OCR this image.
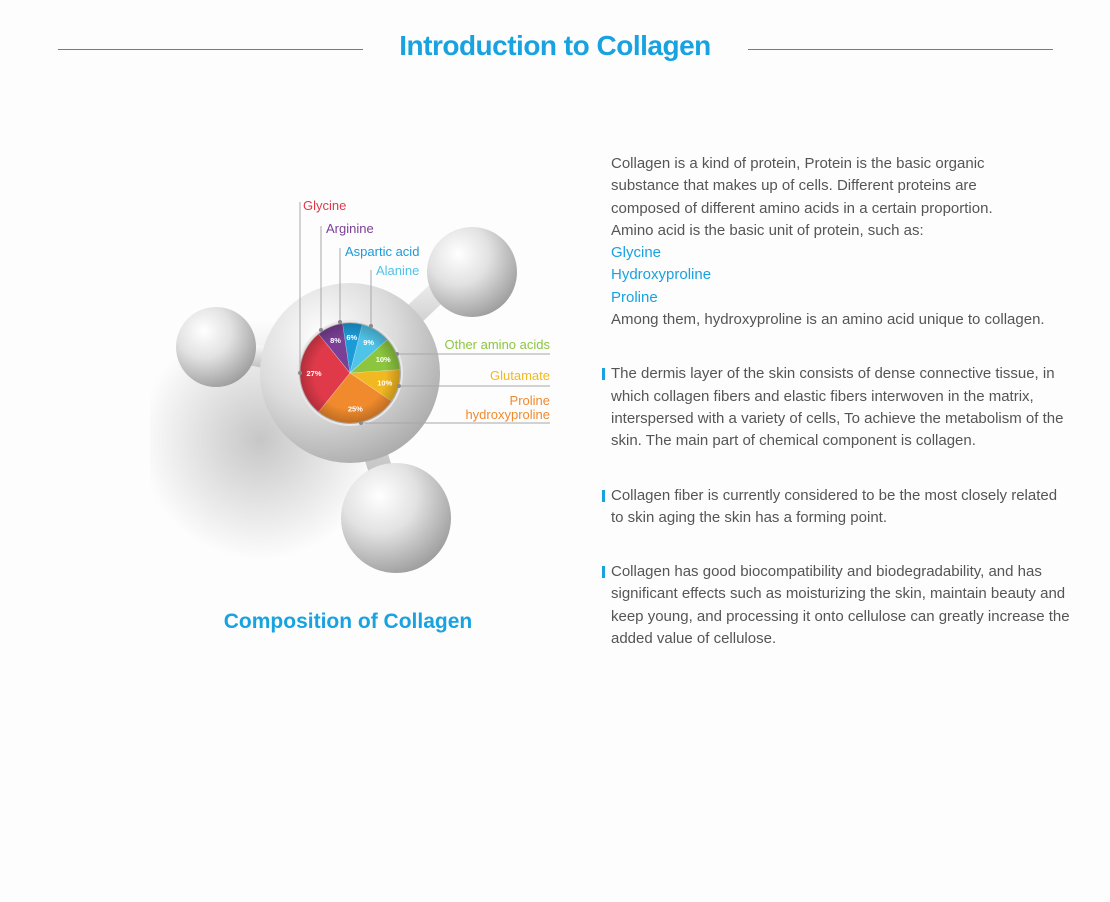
Introduction to Collagen
27%
8% 6%
9%
10%
10%
25%
Glycine
Arginine
Aspartic acid
Alanine
Other amino acids
Glutamate
Proline
hydroxyproline
Composition of Collagen

Collagen is a kind of protein, Protein is the basic organic

substance that makes up of cells. Different proteins are

composed of different amino acids in a certain proportion.

Amino acid is the basic unit of protein, such as:

Glycine

Hydroxyproline

Proline

Among them, hydroxyproline is an amino acid unique to collagen.

The dermis layer of the skin consists of dense connective tissue, in which collagen fibers and elastic fibers interwoven in the matrix, interspersed with a variety of cells, To achieve the metabolism of the skin. The main part of chemical component is collagen.
Collagen fiber is currently considered to be the most closely related to skin aging the skin has a forming point.
Collagen has good biocompatibility and biodegradability, and has significant effects such as moisturizing the skin, maintain beauty and keep young, and processing it onto cellulose can greatly increase the added value of cellulose.
